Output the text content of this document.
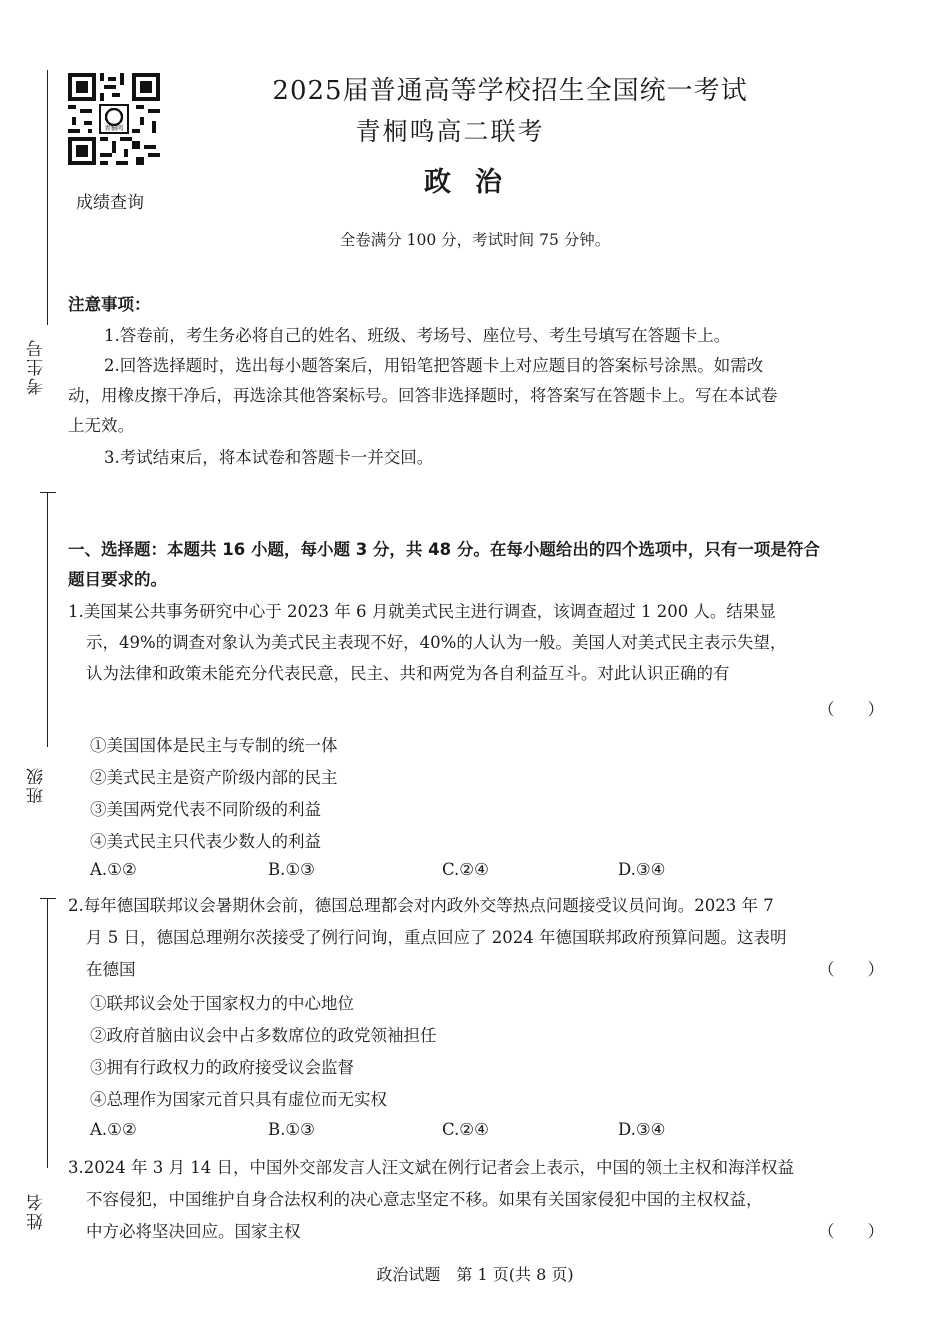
考生号
班级
姓名
青桐鸣
成绩查询
2025届普通高等学校招生全国统一考试
青桐鸣高二联考
政治
全卷满分 100 分，考试时间 75 分钟。
注意事项：
1.答卷前，考生务必将自己的姓名、班级、考场号、座位号、考生号填写在答题卡上。
2.回答选择题时，选出每小题答案后，用铅笔把答题卡上对应题目的答案标号涂黑。如需改
动，用橡皮擦干净后，再选涂其他答案标号。回答非选择题时，将答案写在答题卡上。写在本试卷
上无效。
3.考试结束后，将本试卷和答题卡一并交回。
一、选择题：本题共 16 小题，每小题 3 分，共 48 分。在每小题给出的四个选项中，只有一项是符合
题目要求的。
1.美国某公共事务研究中心于 2023 年 6 月就美式民主进行调查，该调查超过 1 200 人。结果显
示，49%的调查对象认为美式民主表现不好，40%的人认为一般。美国人对美式民主表示失望，
认为法律和政策未能充分代表民意，民主、共和两党为各自利益互斗。对此认识正确的有
（　　）
①美国国体是民主与专制的统一体
②美式民主是资产阶级内部的民主
③美国两党代表不同阶级的利益
④美式民主只代表少数人的利益
A.①②	B.①③	C.②④	D.③④
2.每年德国联邦议会暑期休会前，德国总理都会对内政外交等热点问题接受议员问询。2023 年 7
月 5 日，德国总理朔尔茨接受了例行问询，重点回应了 2024 年德国联邦政府预算问题。这表明
在德国	（　　）
①联邦议会处于国家权力的中心地位
②政府首脑由议会中占多数席位的政党领袖担任
③拥有行政权力的政府接受议会监督
④总理作为国家元首只具有虚位而无实权
A.①②	B.①③	C.②④	D.③④
3.2024 年 3 月 14 日，中国外交部发言人汪文斌在例行记者会上表示，中国的领土主权和海洋权益
不容侵犯，中国维护自身合法权利的决心意志坚定不移。如果有关国家侵犯中国的主权权益，
中方必将坚决回应。国家主权	（　　）
政治试题　第 1 页(共 8 页)
